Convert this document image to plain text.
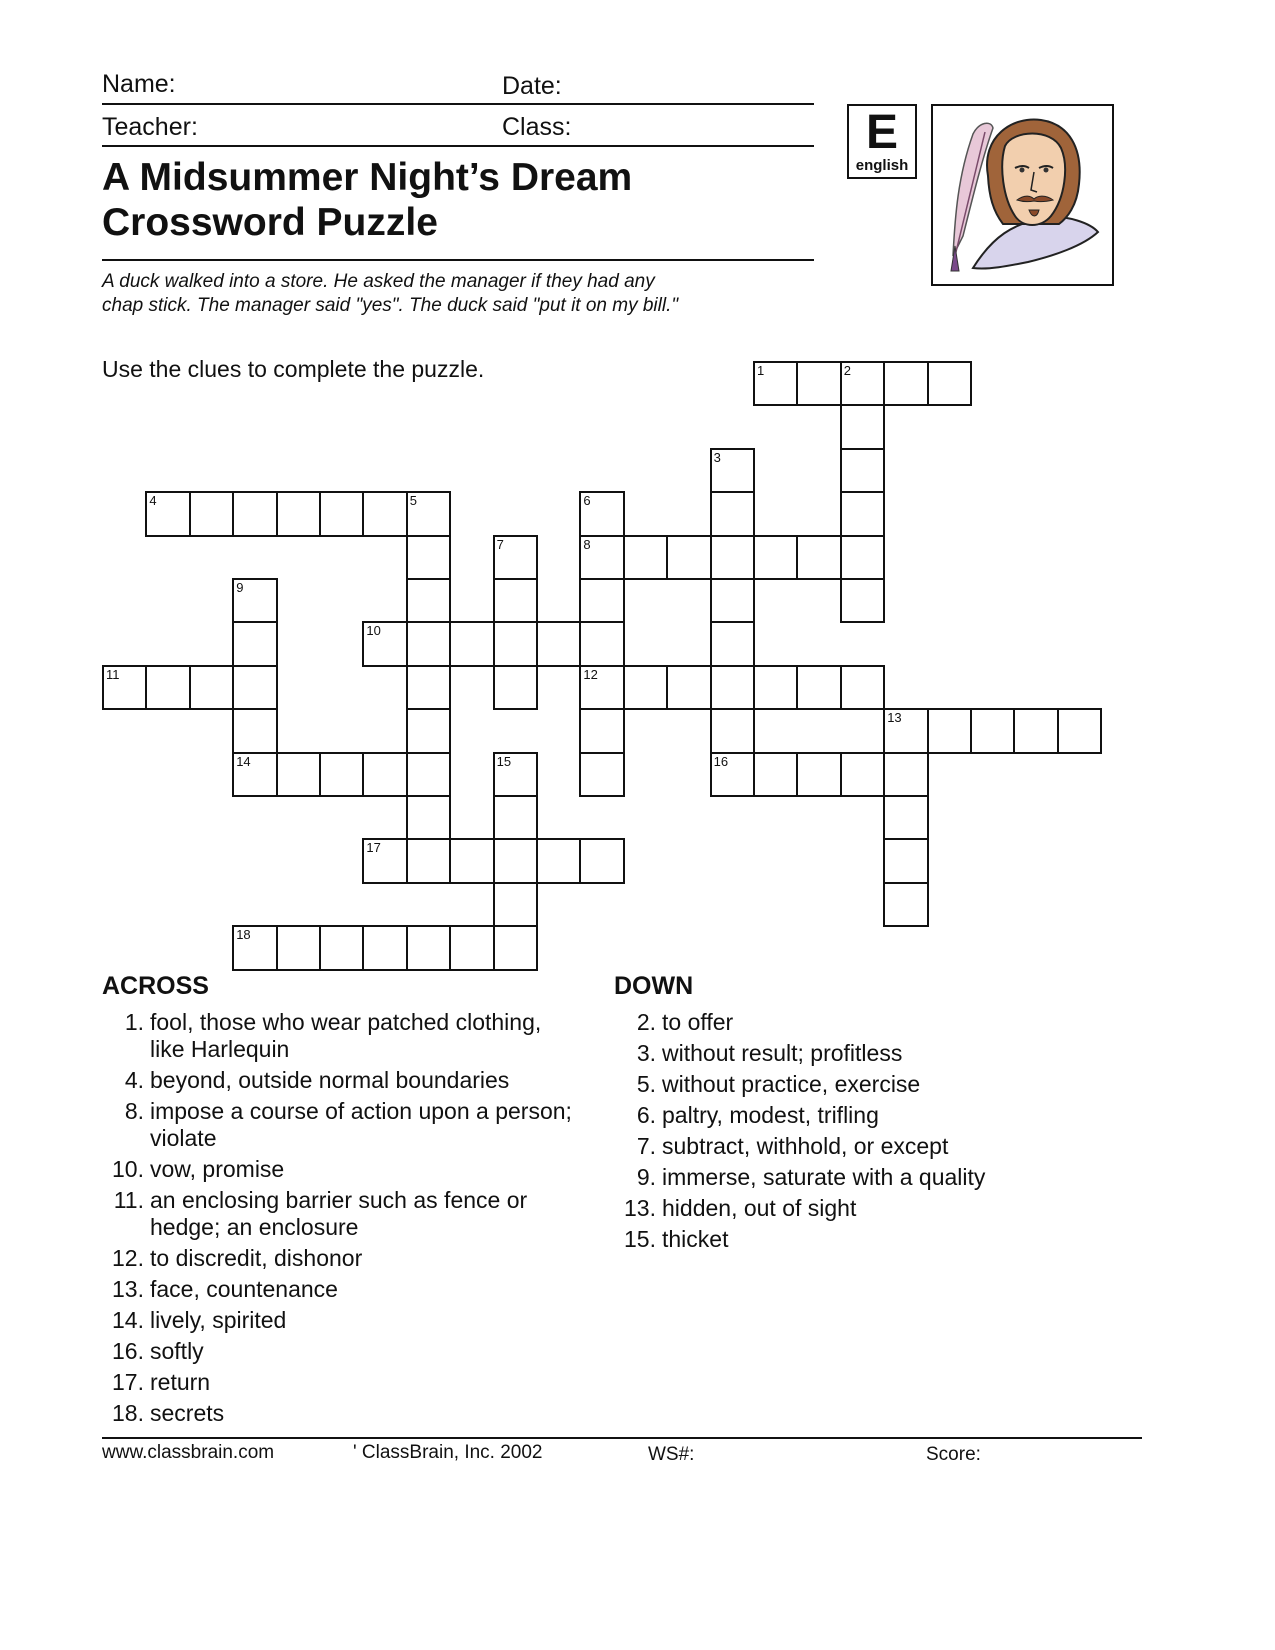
Name:	Date:
Teacher:	Class:
A Midsummer Night’s Dream
Crossword Puzzle
E
english
A duck walked into a store. He asked the manager if they had any chap stick. The manager said "yes". The duck said "put it on my bill."
Use the clues to complete the puzzle.	1	2
3
16
4	5	6
8
12
7
9
14
10
11
13
15
17
18
ACROSS
1. fool, those who wear patched clothing, like Harlequin
4. beyond, outside normal boundaries
8. impose a course of action upon a person; violate
10. vow, promise
11. an enclosing barrier such as fence or hedge; an enclosure
12. to discredit, dishonor
13. face, countenance
14. lively, spirited
16. softly
17. return
18. secrets
DOWN
2. to offer
3. without result; profitless
5. without practice, exercise
6. paltry, modest, trifling
7. subtract, withhold, or except
9. immerse, saturate with a quality
13. hidden, out of sight
15. thicket
www.classbrain.com	' ClassBrain, Inc. 2002	WS#:	Score:
